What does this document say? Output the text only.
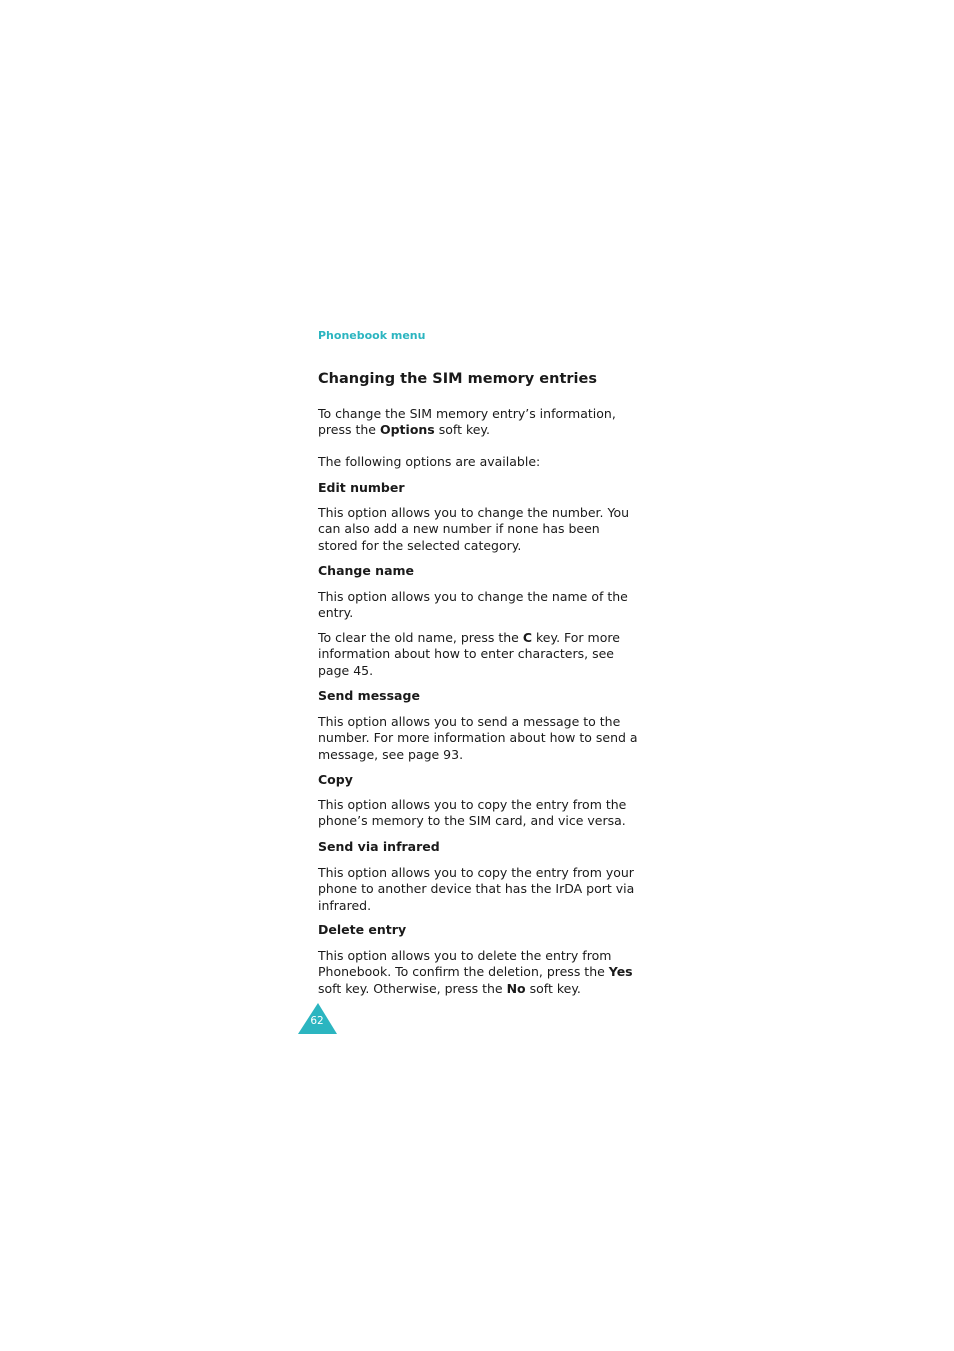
Phonebook menu
Changing the SIM memory entries

To change the SIM memory entry’s information,
press the Options soft key.

The following options are available:

Edit number

This option allows you to change the number. You can also add a new number if none has been stored for the selected category.

Change name

This option allows you to change the name of the entry.

To clear the old name, press the C key. For more information about how to enter characters, see page 45.

Send message

This option allows you to send a message to the number. For more information about how to send a message, see page 93.

Copy

This option allows you to copy the entry from the phone’s memory to the SIM card, and vice versa.

Send via infrared

This option allows you to copy the entry from your phone to another device that has the IrDA port via infrared.

Delete entry

This option allows you to delete the entry from Phonebook. To confirm the deletion, press the Yes soft key. Otherwise, press the No soft key.

62
